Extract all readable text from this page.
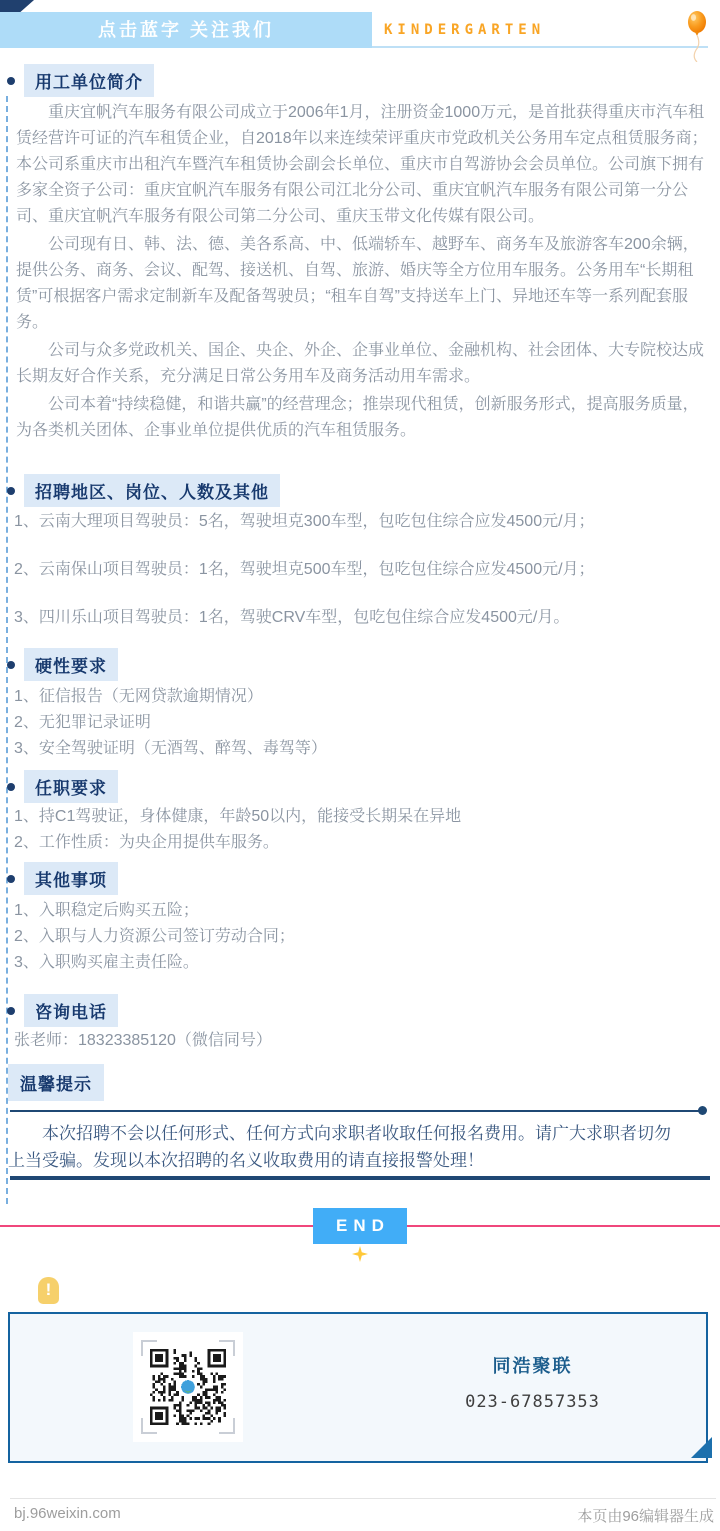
点击蓝字 关注我们	KINDERGARTEN
用工单位简介

重庆宜帆汽车服务有限公司成立于2006年1月，注册资金1000万元，是首批获得重庆市汽车租赁经营许可证的汽车租赁企业，自2018年以来连续荣评重庆市党政机关公务用车定点租赁服务商；本公司系重庆市出租汽车暨汽车租赁协会副会长单位、重庆市自驾游协会会员单位。公司旗下拥有多家全资子公司：重庆宜帆汽车服务有限公司江北分公司、重庆宜帆汽车服务有限公司第一分公司、重庆宜帆汽车服务有限公司第二分公司、重庆玉带文化传媒有限公司。

公司现有日、韩、法、德、美各系高、中、低端轿车、越野车、商务车及旅游客车200余辆，提供公务、商务、会议、配驾、接送机、自驾、旅游、婚庆等全方位用车服务。公务用车“长期租赁”可根据客户需求定制新车及配备驾驶员；“租车自驾”支持送车上门、异地还车等一系列配套服务。

公司与众多党政机关、国企、央企、外企、企事业单位、金融机构、社会团体、大专院校达成长期友好合作关系，充分满足日常公务用车及商务活动用车需求。

公司本着“持续稳健，和谐共赢”的经营理念；推崇现代租赁，创新服务形式，提高服务质量，为各类机关团体、企事业单位提供优质的汽车租赁服务。

招聘地区、岗位、人数及其他
1、云南大理项目驾驶员：5名，驾驶坦克300车型，包吃包住综合应发4500元/月；
2、云南保山项目驾驶员：1名，驾驶坦克500车型，包吃包住综合应发4500元/月；
3、四川乐山项目驾驶员：1名，驾驶CRV车型，包吃包住综合应发4500元/月。
硬性要求
1、征信报告（无网贷款逾期情况）
2、无犯罪记录证明
3、安全驾驶证明（无酒驾、醉驾、毒驾等）
任职要求
1、持C1驾驶证，身体健康，年龄50以内，能接受长期呆在异地
2、工作性质：为央企用提供车服务。
其他事项
1、入职稳定后购买五险；
2、入职与人力资源公司签订劳动合同；
3、入职购买雇主责任险。
咨询电话
张老师：18323385120（微信同号）
温馨提示
本次招聘不会以任何形式、任何方式向求职者收取任何报名费用。请广大求职者切勿上当受骗。发现以本次招聘的名义收取费用的请直接报警处理！
END
!
同浩聚联
023-67857353
bj.96weixin.com	本页由96编辑器生成
